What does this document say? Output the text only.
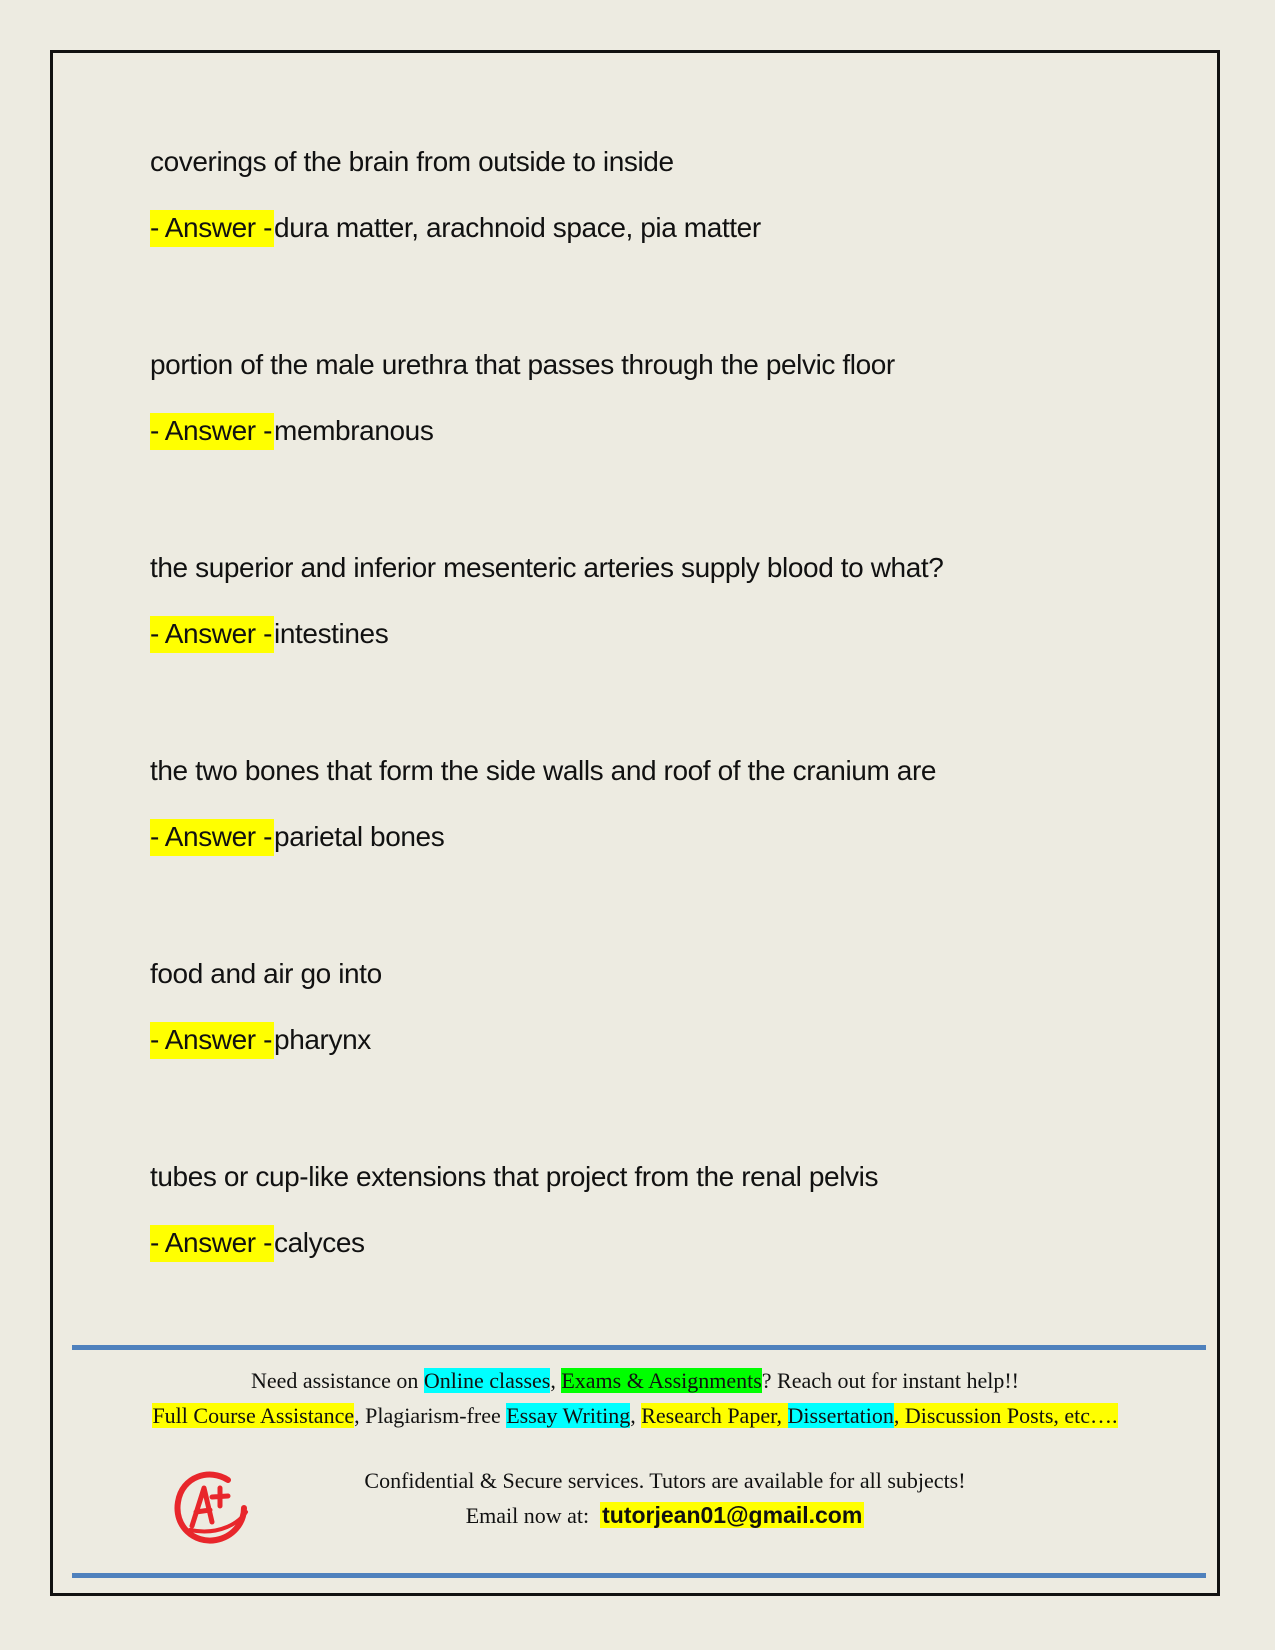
coverings of the brain from outside to inside
- Answer -dura matter, arachnoid space, pia matter
portion of the male urethra that passes through the pelvic floor
- Answer -membranous
the superior and inferior mesenteric arteries supply blood to what?
- Answer -intestines
the two bones that form the side walls and roof of the cranium are
- Answer -parietal bones
food and air go into
- Answer -pharynx
tubes or cup-like extensions that project from the renal pelvis
- Answer -calyces
Need assistance on Online classes, Exams & Assignments? Reach out for instant help!!
Full Course Assistance, Plagiarism-free Essay Writing, Research Paper, Dissertation, Discussion Posts, etc….
Confidential & Secure services. Tutors are available for all subjects!
Email now at:  tutorjean01@gmail.com
